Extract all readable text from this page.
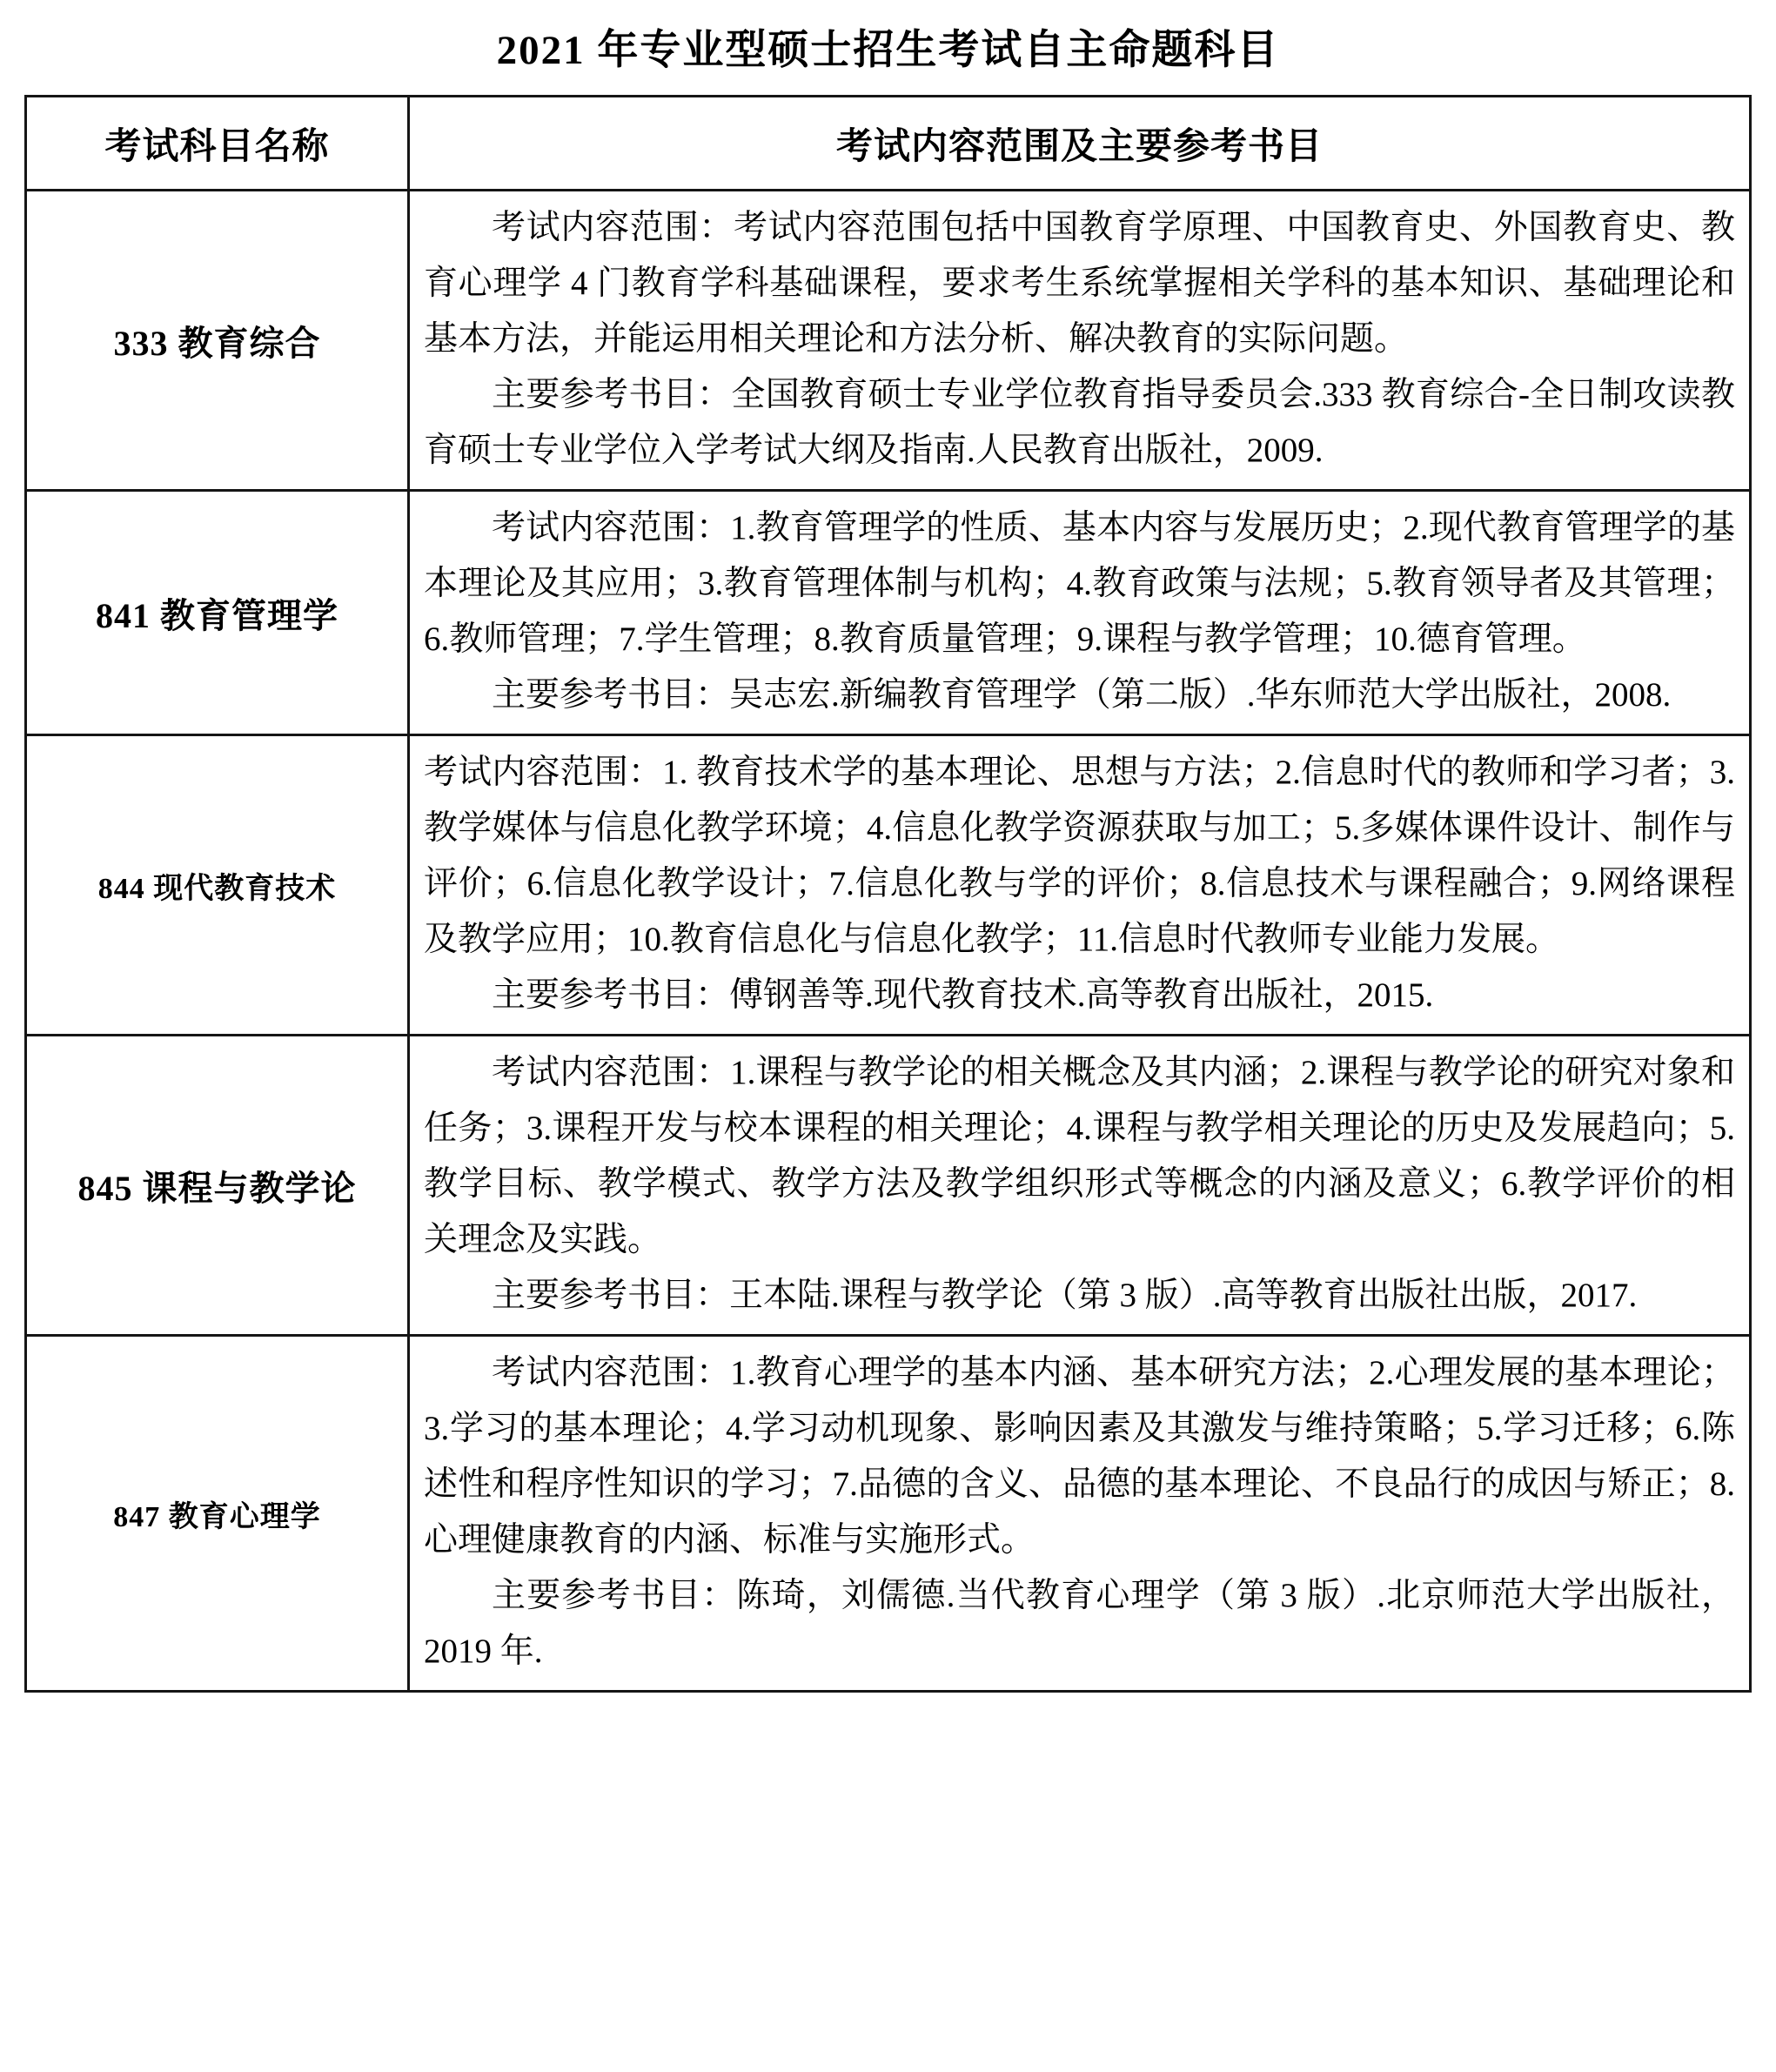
2021 年专业型硕士招生考试自主命题科目
考试科目名称	考试内容范围及主要参考书目
333 教育综合	考试内容范围：考试内容范围包括中国教育学原理、中国教育史、外国教育史、教育心理学 4 门教育学科基础课程，要求考生系统掌握相关学科的基本知识、基础理论和基本方法，并能运用相关理论和方法分析、解决教育的实际问题。

主要参考书目：全国教育硕士专业学位教育指导委员会.333 教育综合-全日制攻读教育硕士专业学位入学考试大纲及指南.人民教育出版社，2009.

841 教育管理学	考试内容范围：1.教育管理学的性质、基本内容与发展历史；2.现代教育管理学的基本理论及其应用；3.教育管理体制与机构；4.教育政策与法规；5.教育领导者及其管理；6.教师管理；7.学生管理；8.教育质量管理；9.课程与教学管理；10.德育管理。

主要参考书目：吴志宏.新编教育管理学（第二版）.华东师范大学出版社，2008.

844 现代教育技术	考试内容范围：1. 教育技术学的基本理论、思想与方法；2.信息时代的教师和学习者；3.教学媒体与信息化教学环境；4.信息化教学资源获取与加工；5.多媒体课件设计、制作与评价；6.信息化教学设计；7.信息化教与学的评价；8.信息技术与课程融合；9.网络课程及教学应用；10.教育信息化与信息化教学；11.信息时代教师专业能力发展。

主要参考书目：傅钢善等.现代教育技术.高等教育出版社，2015.

845 课程与教学论	考试内容范围：1.课程与教学论的相关概念及其内涵；2.课程与教学论的研究对象和任务；3.课程开发与校本课程的相关理论；4.课程与教学相关理论的历史及发展趋向；5.教学目标、教学模式、教学方法及教学组织形式等概念的内涵及意义；6.教学评价的相关理念及实践。

主要参考书目：王本陆.课程与教学论（第 3 版）.高等教育出版社出版，2017.

847 教育心理学	考试内容范围：1.教育心理学的基本内涵、基本研究方法；2.心理发展的基本理论；3.学习的基本理论；4.学习动机现象、影响因素及其激发与维持策略；5.学习迁移；6.陈述性和程序性知识的学习；7.品德的含义、品德的基本理论、不良品行的成因与矫正；8.心理健康教育的内涵、标准与实施形式。

主要参考书目：陈琦，刘儒德.当代教育心理学（第 3 版）.北京师范大学出版社，2019 年.
